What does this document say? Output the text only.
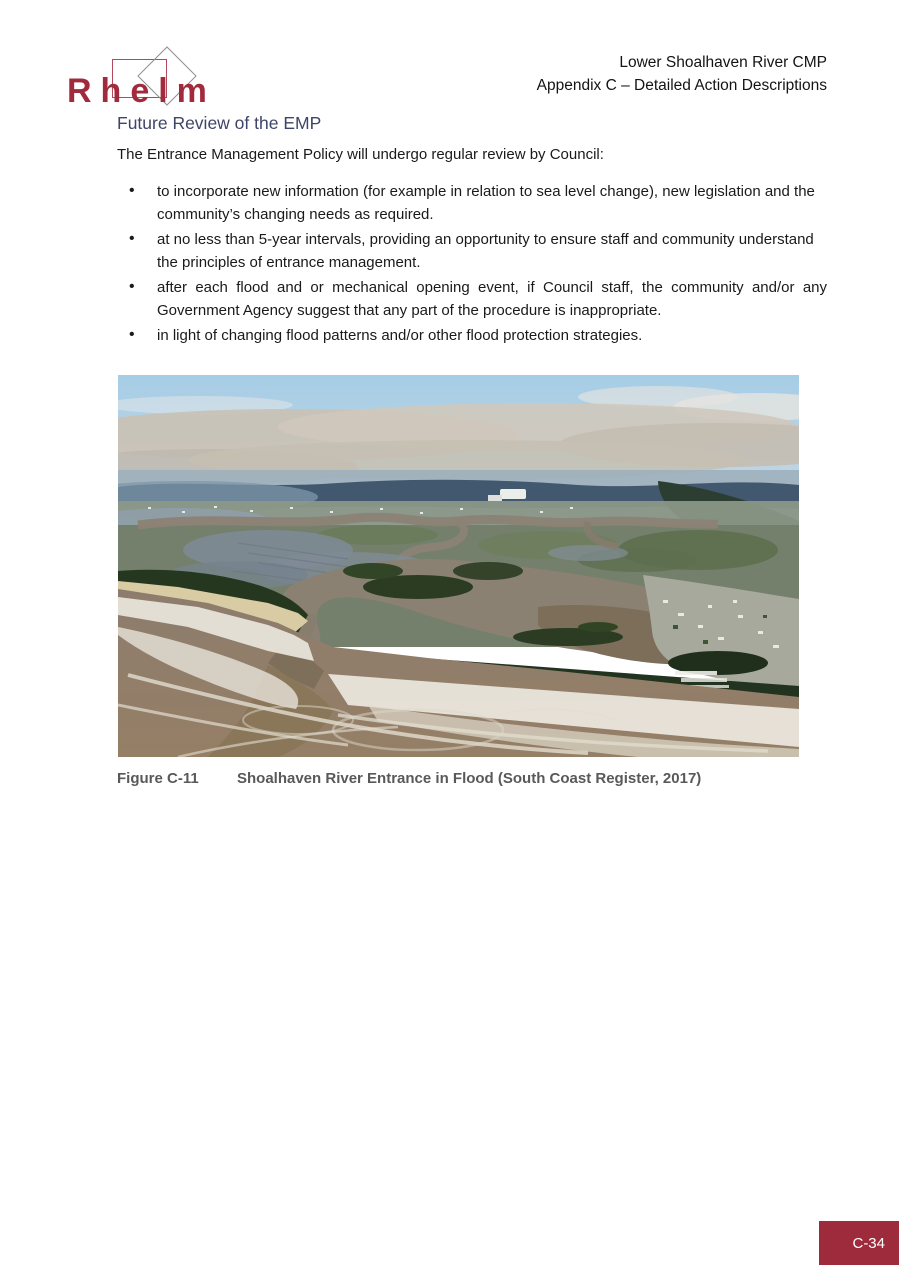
Rhelm
Lower Shoalhaven River CMP
Appendix C – Detailed Action Descriptions
Future Review of the EMP

The Entrance Management Policy will undergo regular review by Council:

• to incorporate new information (for example in relation to sea level change), new legislation and the community’s changing needs as required.
• at no less than 5-year intervals, providing an opportunity to ensure staff and community understand the principles of entrance management.
• after each flood and or mechanical opening event, if Council staff, the community and/or any Government Agency suggest that any part of the procedure is inappropriate.
• in light of changing flood patterns and/or other flood protection strategies.
Figure C-11	Shoalhaven River Entrance in Flood (South Coast Register, 2017)
C-34
